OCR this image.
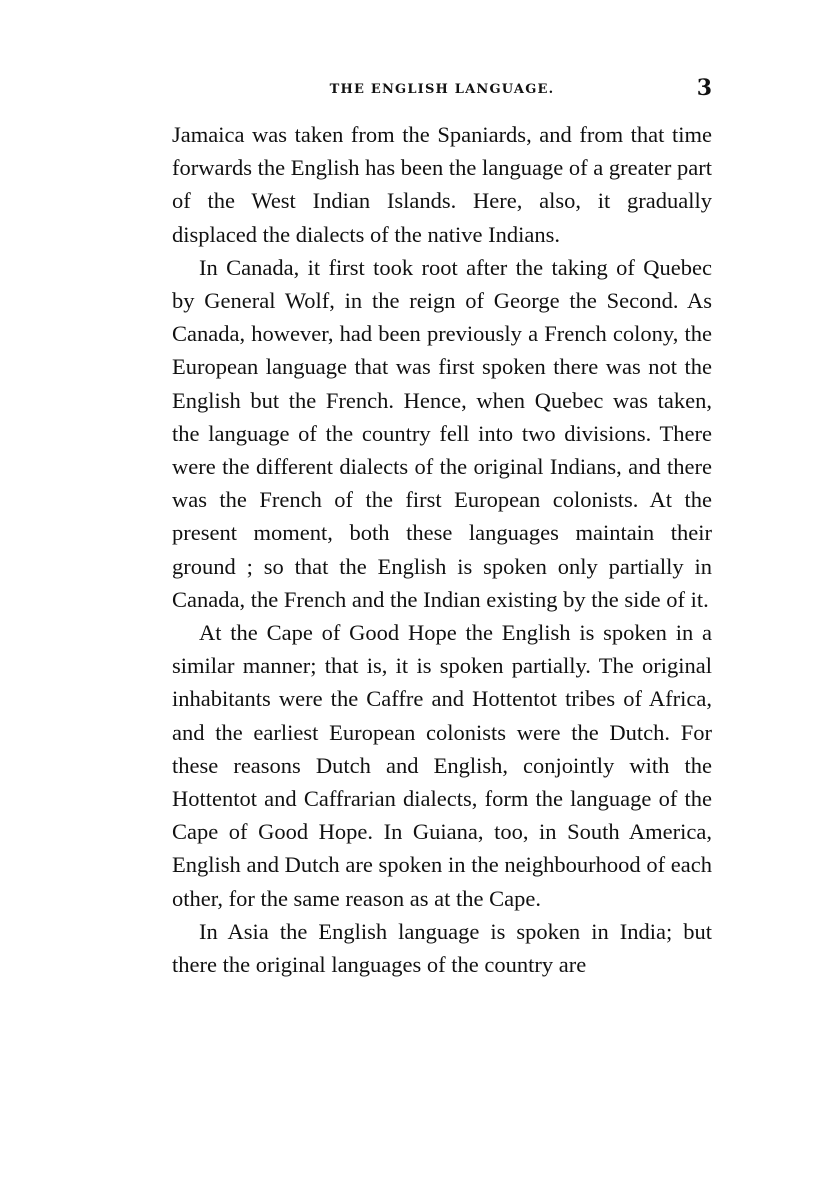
THE ENGLISH LANGUAGE.	3

Jamaica was taken from the Spaniards, and from that time forwards the English has been the language of a greater part of the West Indian Islands. Here, also, it gradually displaced the dialects of the native Indians.

In Canada, it first took root after the taking of Quebec by General Wolf, in the reign of George the Second. As Canada, however, had been previously a French colony, the European language that was first spoken there was not the English but the French. Hence, when Quebec was taken, the language of the country fell into two divisions. There were the different dialects of the original Indians, and there was the French of the first European colonists. At the present moment, both these languages maintain their ground ; so that the English is spoken only partially in Canada, the French and the Indian existing by the side of it.

At the Cape of Good Hope the English is spoken in a similar manner; that is, it is spoken partially. The original inhabitants were the Caffre and Hottentot tribes of Africa, and the earliest European colonists were the Dutch. For these reasons Dutch and English, conjointly with the Hottentot and Caffrarian dialects, form the language of the Cape of Good Hope. In Guiana, too, in South America, English and Dutch are spoken in the neighbourhood of each other, for the same reason as at the Cape.

In Asia the English language is spoken in India; but there the original languages of the country are
